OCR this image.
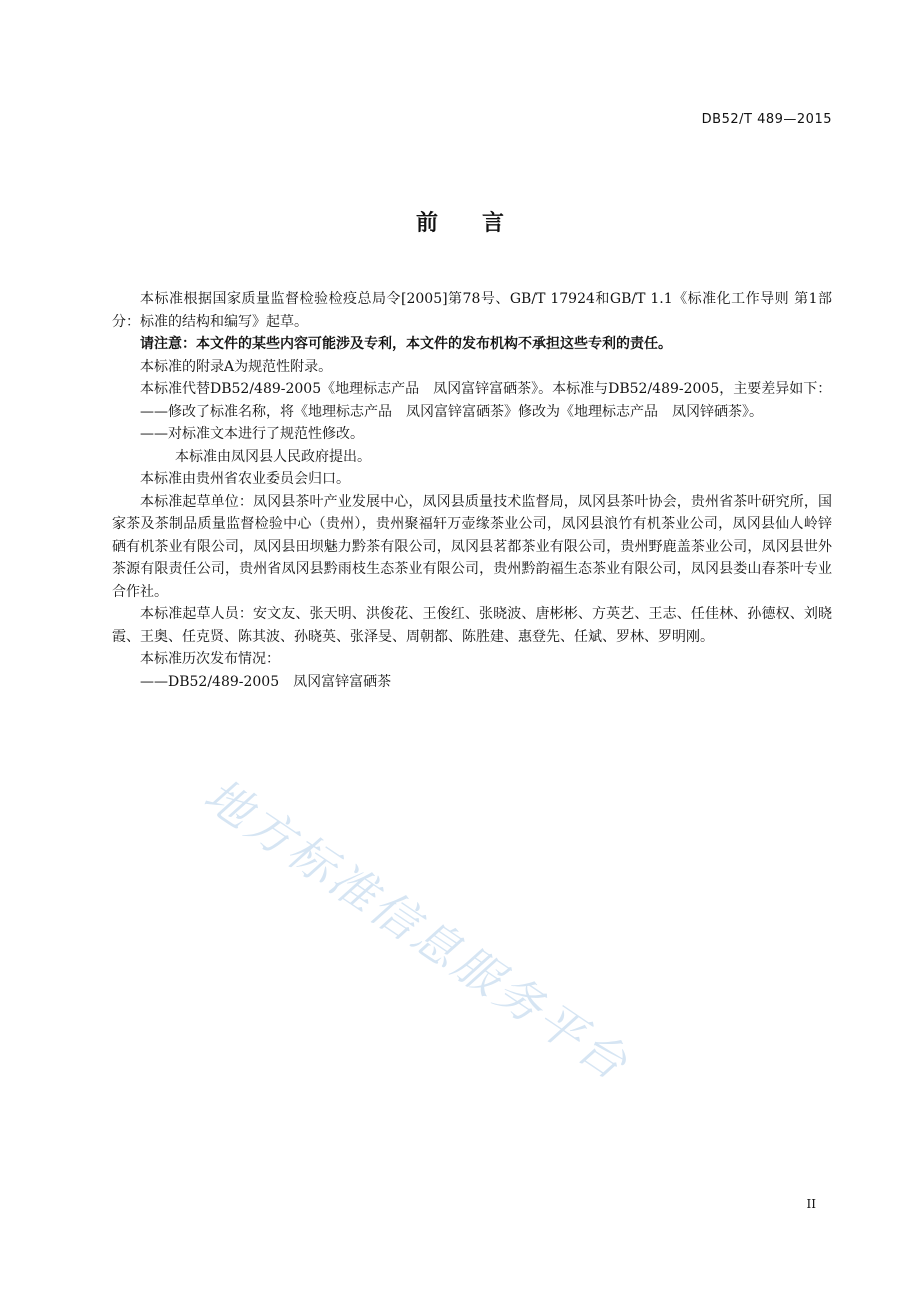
DB52/T 489—2015
前 言

本标准根据国家质量监督检验检疫总局令[2005]第78号、GB/T 17924和GB/T 1.1《标准化工作导则 第1部分：标准的结构和编写》起草。

请注意：本文件的某些内容可能涉及专利，本文件的发布机构不承担这些专利的责任。

本标准的附录A为规范性附录。

本标准代替DB52/489-2005《地理标志产品　凤冈富锌富硒茶》。本标准与DB52/489-2005，主要差异如下：

——修改了标准名称，将《地理标志产品　凤冈富锌富硒茶》修改为《地理标志产品　凤冈锌硒茶》。

——对标准文本进行了规范性修改。

本标准由凤冈县人民政府提出。

本标准由贵州省农业委员会归口。

本标准起草单位：凤冈县茶叶产业发展中心，凤冈县质量技术监督局，凤冈县茶叶协会，贵州省茶叶研究所，国家茶及茶制品质量监督检验中心（贵州），贵州聚福轩万壶缘茶业公司，凤冈县浪竹有机茶业公司，凤冈县仙人岭锌硒有机茶业有限公司，凤冈县田坝魅力黔茶有限公司，凤冈县茗都茶业有限公司，贵州野鹿盖茶业公司，凤冈县世外茶源有限责任公司，贵州省凤冈县黔雨枝生态茶业有限公司，贵州黔韵福生态茶业有限公司，凤冈县娄山春茶叶专业合作社。

本标准起草人员：安文友、张天明、洪俊花、王俊红、张晓波、唐彬彬、方英艺、王志、任佳林、孙德权、刘晓霞、王奥、任克贤、陈其波、孙晓英、张泽旻、周朝都、陈胜建、惠登先、任斌、罗林、罗明刚。

本标准历次发布情况：

——DB52/489-2005　凤冈富锌富硒茶

地方标准信息服务平台
II
